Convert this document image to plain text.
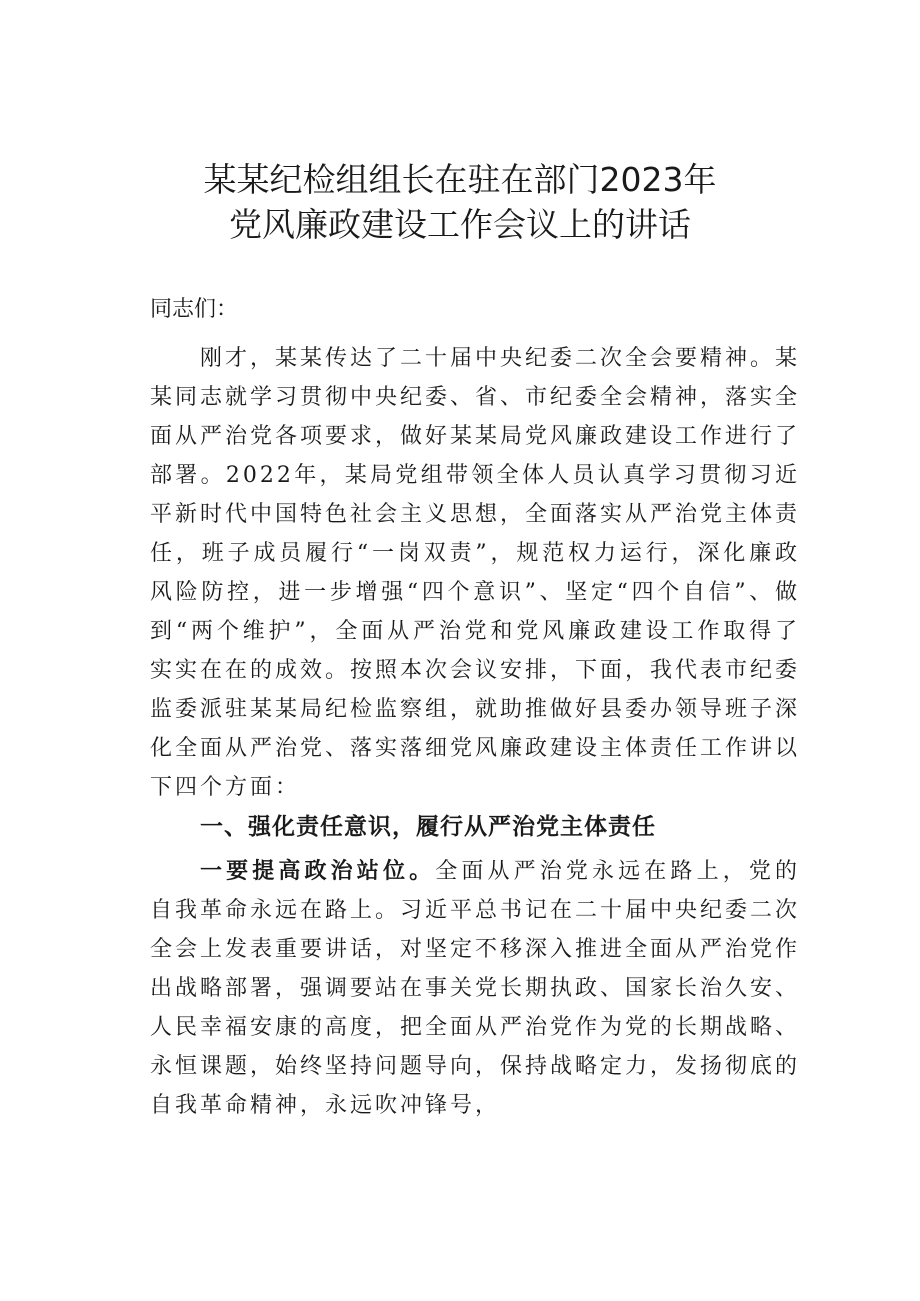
某某纪检组组长在驻在部门2023年
党风廉政建设工作会议上的讲话
同志们：
刚才，某某传达了二十届中央纪委二次全会要精神。某某同志就学习贯彻中央纪委、省、市纪委全会精神，落实全面从严治党各项要求，做好某某局党风廉政建设工作进行了部署。2022年，某局党组带领全体人员认真学习贯彻习近平新时代中国特色社会主义思想，全面落实从严治党主体责任，班子成员履行“一岗双责”，规范权力运行，深化廉政风险防控，进一步增强“四个意识”、坚定“四个自信”、做到“两个维护”，全面从严治党和党风廉政建设工作取得了实实在在的成效。按照本次会议安排，下面，我代表市纪委监委派驻某某局纪检监察组，就助推做好县委办领导班子深化全面从严治党、落实落细党风廉政建设主体责任工作讲以下四个方面：
一、强化责任意识，履行从严治党主体责任
一要提高政治站位。全面从严治党永远在路上，党的自我革命永远在路上。习近平总书记在二十届中央纪委二次全会上发表重要讲话，对坚定不移深入推进全面从严治党作出战略部署，强调要站在事关党长期执政、国家长治久安、人民幸福安康的高度，把全面从严治党作为党的长期战略、永恒课题，始终坚持问题导向，保持战略定力，发扬彻底的自我革命精神，永远吹冲锋号，
